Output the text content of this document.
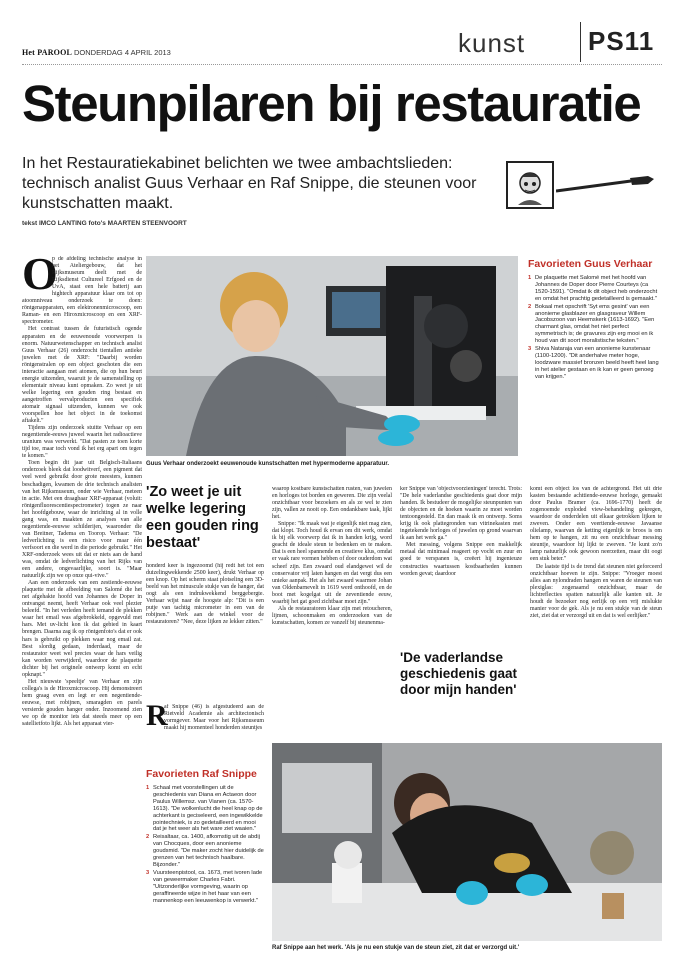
Het PAROOL DONDERDAG 4 APRIL 2013	kunst PS11
Steunpilaren bij restauratie
In het Restauratiekabinet belichten we twee ambachtslieden: technisch analist Guus Verhaar en Raf Snippe, die steunen voor kunstschatten maakt.
tekst IMCO LANTING foto's MAARTEN STEENVOORT
O

p de afdeling technische analyse in het Ateliergebouw, dat het Rijksmuseum deelt met de Rijksdienst Cultureel Erfgoed en de UvA, staat een hele batterij aan hightech apparatuur klaar om tot op atoomniveau onderzoek te doen: röntgenapparaten, een elektronenmicroscoop, een Raman- en een Hiroxmicroscoop en een XRF-spectrometer.

Het contrast tussen de futuristisch ogende apparaten en de eeuwenoude voorwerpen is enorm. Natuurwetenschapper en technisch analist Guus Verhaar (26) onderzocht tientallen antieke juwelen met de XRF: "Daarbij worden röntgenstralen op een object geschoten die een interactie aangaan met atomen, die op hun beurt energie uitzenden, waaruit je de samenstelling op elementair niveau kunt opmaken. Zo weet je uit welke legering een gouden ring bestaat en aangetroffen vervalproducten een specifiek atomair signaal uitzenden, kunnen we ook voorspellen hoe het object in de toekomst aftakelt."

Tijdens zijn onderzoek stuitte Verhaar op een negentiende-eeuws juweel waarin het radioactieve uranium was verwerkt. "Dat pasten ze toen korte tijd toe, maar toch vond ik het erg apart om tegen te komen."

Toen begin dit jaar uit Belgisch-Italiaans onderzoek bleek dat loodwitverf, een pigment dat veel werd gebruikt door grote meesters, kunnen beschadigen, kwamen de drie technisch analisten van het Rijksmuseum, onder wie Verhaar, meteen in actie. Met een draagbaar XRF-apparaat (voluit: röntgenfluorescentiespectrometer) togen ze naar het hoofdgebouw, waar de inrichting al in volle gang was, en maakten ze analyses van alle negentiende-eeuwse schilderijen, waaronder die van Breitner, Tadema en Toorop. Verhaar: "De ledverlichting is een risico voor maar één verfsoort en die werd in die periode gebruikt." Het XRF-onderzoek wees uit dat er niets aan de hand was, omdat de ledverlichting van het Rijks van een andere, ongevaarlijke, soort is. "Maar natuurlijk zijn we op onze qui-vive."

Aan een onderzoek van een zestiende-eeuwse plaquette met de afbeelding van Salomé die het net afgehakte hoofd van Johannes de Doper in ontvangst neemt, heeft Verhaar ook veel plezier beleefd. "In het verleden heeft iemand de plekken waar het email was afgebrokkeld, opgevuld met hars. Met uv-licht kon ik dat gebied in kaart brengen. Daarna zag ik op röntgenfoto's dat er ook hars is gebruikt op plekken waar nog email zat. Best slordig gedaan, inderdaad, maar de restaurator weet wel precies waar de hars veilig kan worden verwijderd, waardoor de plaquette dichter bij het originele ontwerp komt en echt opknapt."

Het nieuwste 'speeltje' van Verhaar en zijn collega's is de Hiroxmicroscoop. Hij demonstreert hem graag even en legt er een negentiende-eeuwse, met robijnen, smaragden en parels versierde gouden hanger onder. Inzoomend zien we op de monitor iets dat steeds meer op een satellietfoto lijkt. Als het apparaat vier-

Guus Verhaar onderzoekt eeuwenoude kunstschatten met hypermoderne apparatuur.
Favorieten Guus Verhaar
1 De plaquette met Salomé met het hoofd van Johannes de Doper door Pierre Courteys (ca 1520-1591). "Omdat ik dit object heb onderzocht en omdat het prachtig gedetailleerd is gemaakt."
2 Bokaal met opschrift 'Syt ems gesint' van een anonieme glasblazer en glasgraveur Willem Jacobszoon van Heemskerk (1613-1692). "Een charmant glas, omdat het niet perfect symmetrisch is; de gravures zijn erg mooi en ik houd van dit soort moralistische teksten."
3 Shiva Nataraja van een anonieme kunstenaar (1100-1200). "Dit anderhalve meter hoge, loodzware massief bronzen beeld heeft heel lang in het atelier gestaan en ik kan er geen genoeg van krijgen."
'Zo weet je uit welke legering een gouden ring bestaat'

honderd keer is ingezoomd (hij redt het tot een duizelingwekkende 2500 keer), drukt Verhaar op een knop. Op het scherm staat plotseling een 3D-beeld van het minuscule stukje van de hanger, dat oogt als een indrukwekkend berggebergte. Verhaar wijst naar de hoogste alp: "Dit is een putje van tachtig micrometer in een van de robijnen." Werk aan de winkel voor de restauratoren? "Nee, deze lijken ze lekker zitten."

R

af Snippe (46) is afgestudeerd aan de Rietveld Academie als architectonisch vormgever. Maar voor het Rijksmuseum maakt hij momenteel honderden steuntjes

waarop kostbare kunstschatten rusten, van juwelen en horloges tot borden en geweren. Die zijn veelal onzichtbaar voor bezoekers en als ze wel te zien zijn, vallen ze nooit op. Een ondankbare taak, lijkt het.

Snippe: "Ik maak wat je eigenlijk niet mag zien, dat klopt. Toch houd ik ervan om dit werk, omdat ik bij elk voorwerp dat ik in handen krijg, word geacht de ideale steun te bedenken en te maken. Dat is een heel spannende en creatieve klus, omdat er vaak rare vormen hebben of door ouderdom wat scheef zijn. Een zwaard oud elandgewei wil de conservator vrij laten hangen en dat vergt dus een unieke aanpak. Het als het zwaard waarmee Johan van Oldenbarnevelt in 1619 werd onthoofd, en de boot met kogelgat uit de zeventiende eeuw, waarbij het gat goed zichtbaar moet zijn."

Als de restauratoren klaar zijn met retoucheren, lijmen, schoonmaken en onderzoeken van de kunstschatten, komen ze vanzelf bij steunenma-

ker Snippe van 'objectvoorzieningen' terecht. Trots: "De hele vaderlandse geschiedenis gaat door mijn handen. Ik bestudeer de mogelijke steunpunten van de objecten en de hoeken waarin ze moet worden tentoongesteld. En dan maak ik en ontwerp. Soms krijg ik ook plattegronden van vitrinekasten met ingetekende horloges of juwelen op grond waarvan ik aan het werk ga."

Met messing, volgens Snippe een makkelijk metaal dat minimaal reageert op vocht en zuur en goed te verspanen is, creëert hij ingenieuze constructies waartussen kostbaarheden kunnen worden gevat; daardoor

'De vaderlandse geschiedenis gaat door mijn handen'

komt een object los van de achtergrond. Het uit drie kasten bestaande achttiende-eeuwse horloge, gemaakt door Paulus Bramer (ca. 1696-1770) heeft de zogenoemde exploded view-behandeling gekregen, waardoor de onderdelen uit elkaar getrokken lijken te zweven. Onder een veertiende-eeuwse Javaanse olielamp, waarvan de ketting eigenlijk te broos is om hem op te hangen, zit nu een onzichtbaar messing steuntje, waardoor hij lijkt te zweven. "Je kunt zo'n lamp natuurlijk ook gewoon neerzetten, maar dit oogt een stuk beter."

De laatste tijd is de trend dat steunen niet geforceerd onzichtbaar hoeven te zijn. Snippe: "Vroeger moest alles aan nylondraden hangen en waren de steunen van plexiglas: zogenaamd onzichtbaar, maar de lichtreflecties spatten natuurlijk alle kanten uit. Je houdt de bezoeker nog eerlijk op een vrij mislukte manier voor de gek. Als je nu een stukje van de steun ziet, ziet dat er verzorgd uit en dat is wel eerlijker."

Favorieten Raf Snippe
1 Schaal met voorstellingen uit de geschiedenis van Diana en Actaeon door Paulus Willemsz. van Vianen (ca. 1570-1613). "De wolkenlucht die heel knap op de achterkant is geciseleerd, een ingewikkelde pointechniek, is zo gedetailleerd en mooi dat je het weer als het ware ziet waaien."
2 Reisaltaar, ca. 1400, afkomstig uit de abdij van Chocques, door een anonieme goudsmid. "De maker zocht hier duidelijk de grenzen van het technisch haalbare. Bijzonder."
3 Vuursteenpistool, ca. 1673, met ivoren lade van geweermaker Charles Fabri. "Uitzonderlijke vormgeving, waarin op geraffineerde wijze in het haar van een mannenkop een leeuwenkop is verwerkt."
Raf Snippe aan het werk. 'Als je nu een stukje van de steun ziet, zit dat er verzorgd uit.'
